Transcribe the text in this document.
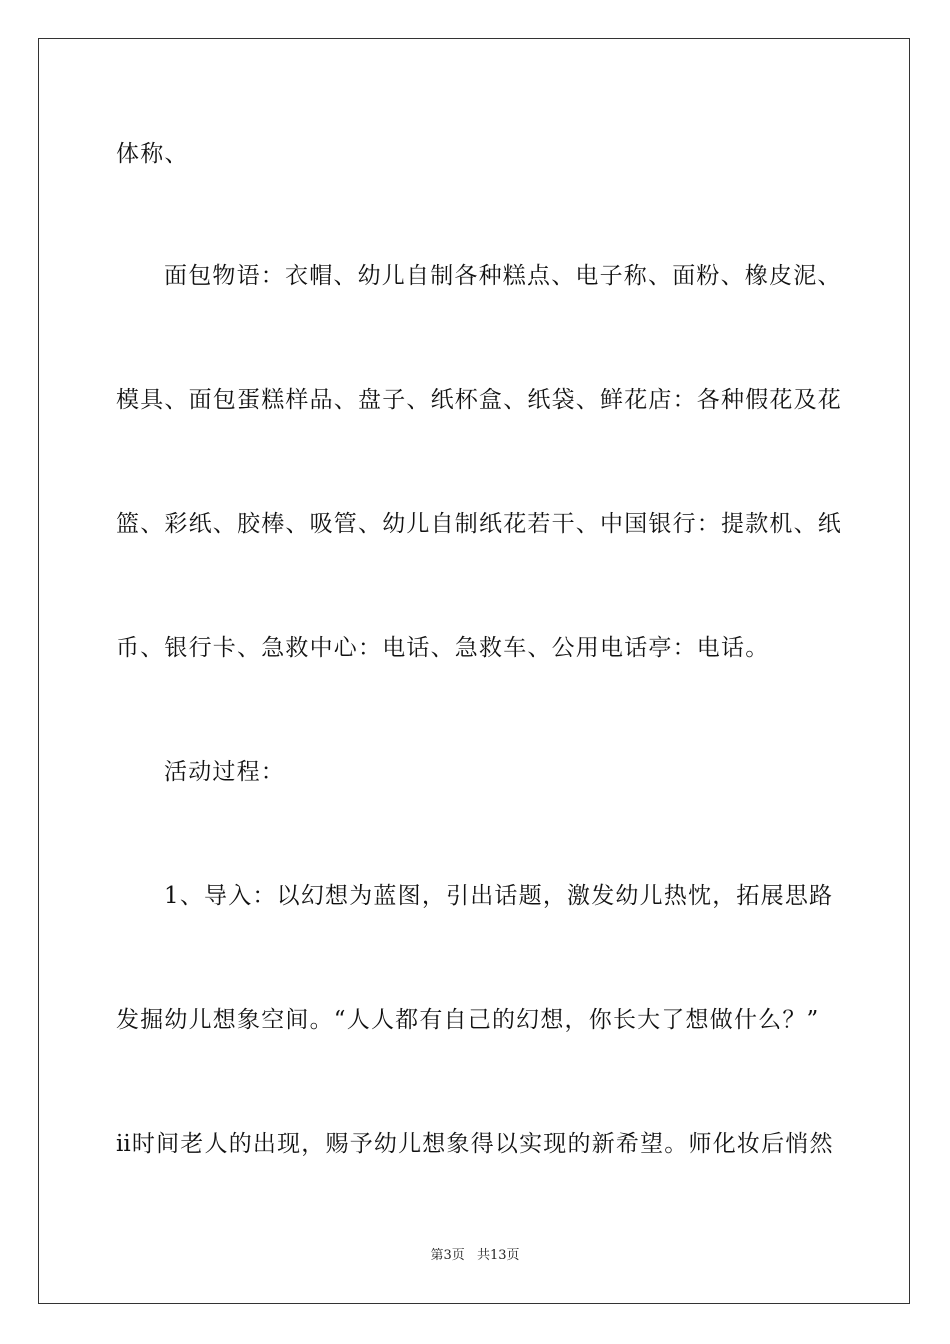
体称、
面包物语：衣帽、幼儿自制各种糕点、电子称、面粉、橡皮泥、
模具、面包蛋糕样品、盘子、纸杯盒、纸袋、鲜花店：各种假花及花
篮、彩纸、胶棒、吸管、幼儿自制纸花若干、中国银行：提款机、纸
币、银行卡、急救中心：电话、急救车、公用电话亭：电话。
活动过程：
1、导入：以幻想为蓝图，引出话题，激发幼儿热忱，拓展思路
发掘幼儿想象空间。“人人都有自己的幻想，你长大了想做什么？”
ⅱ时间老人的出现，赐予幼儿想象得以实现的新希望。师化妆后悄然
第3页 共13页
